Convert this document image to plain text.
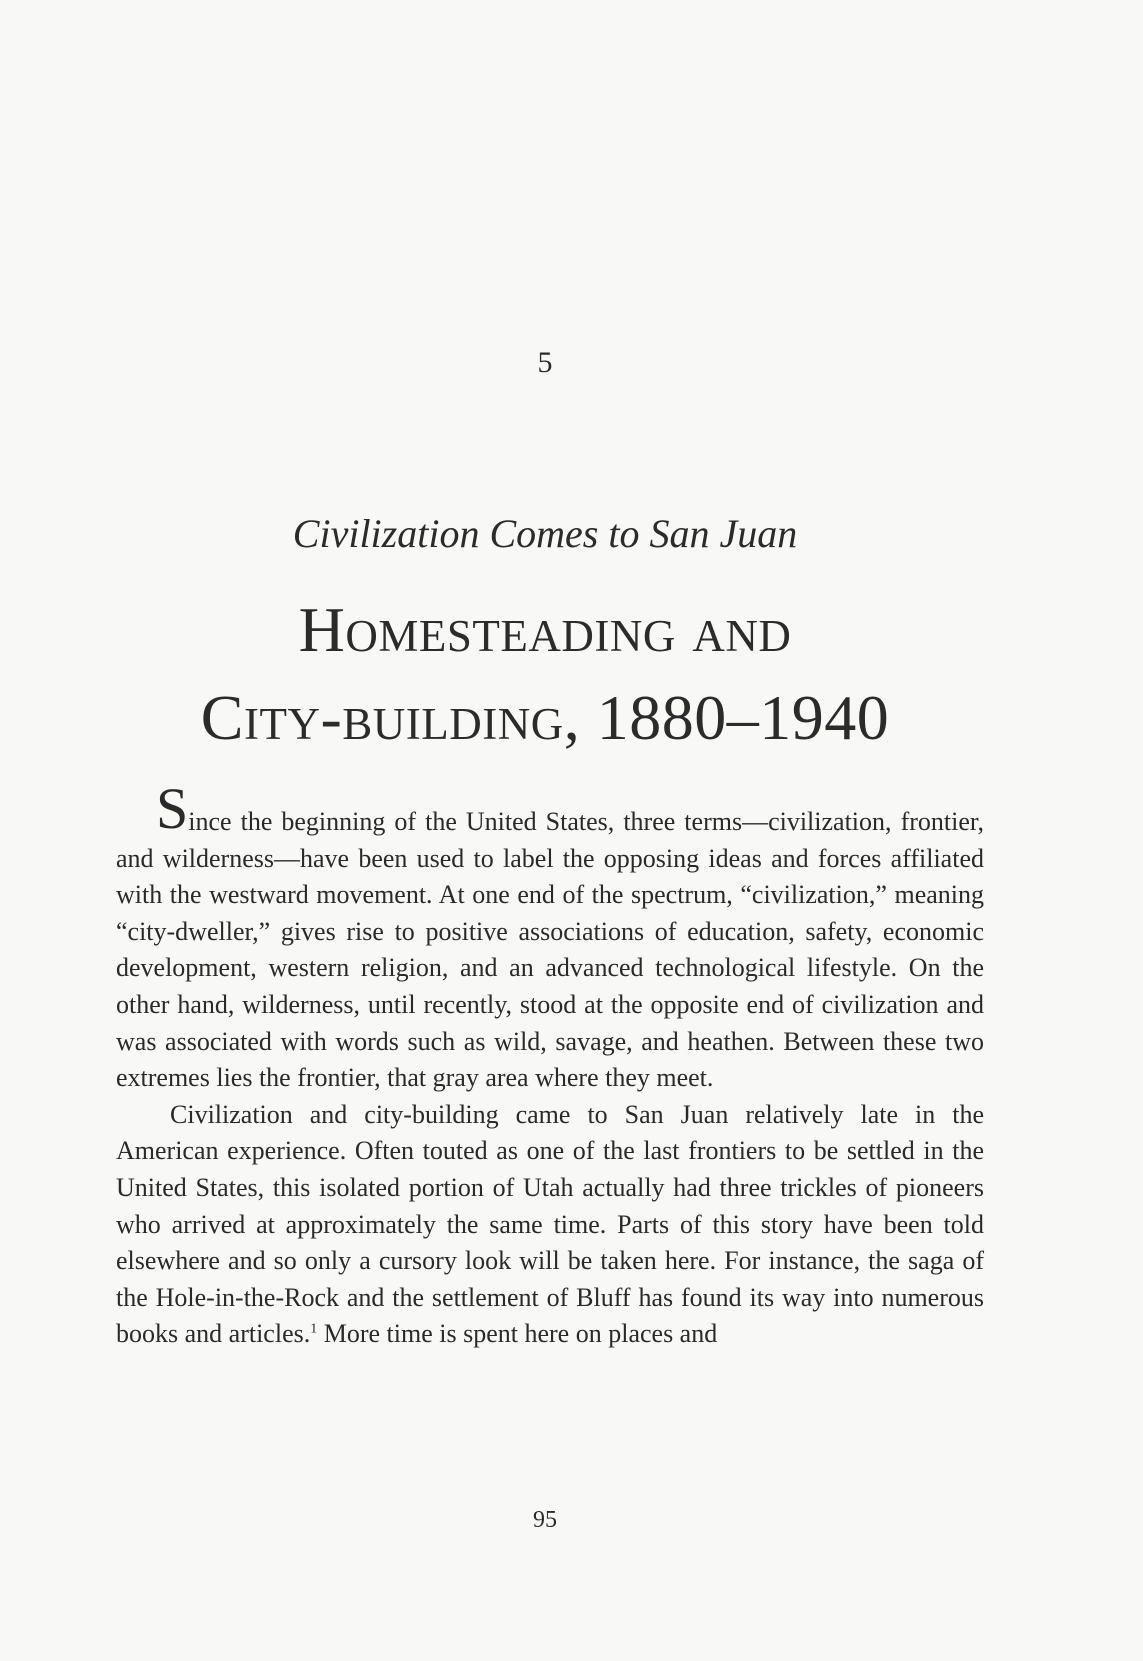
5
Civilization Comes to San Juan
Homesteading and
City-building, 1880–1940

Since the beginning of the United States, three terms—civilization, frontier, and wilderness—have been used to label the opposing ideas and forces affiliated with the westward movement. At one end of the spectrum, “civilization,” meaning “city-dweller,” gives rise to positive associations of education, safety, economic development, western religion, and an advanced technological lifestyle. On the other hand, wilderness, until recently, stood at the opposite end of civilization and was associated with words such as wild, savage, and heathen. Between these two extremes lies the frontier, that gray area where they meet.

Civilization and city-building came to San Juan relatively late in the American experience. Often touted as one of the last frontiers to be settled in the United States, this isolated portion of Utah actually had three trickles of pioneers who arrived at approximately the same time. Parts of this story have been told elsewhere and so only a cursory look will be taken here. For instance, the saga of the Hole-in-the-Rock and the settlement of Bluff has found its way into numerous books and articles.$^1$ More time is spent here on places and

95
